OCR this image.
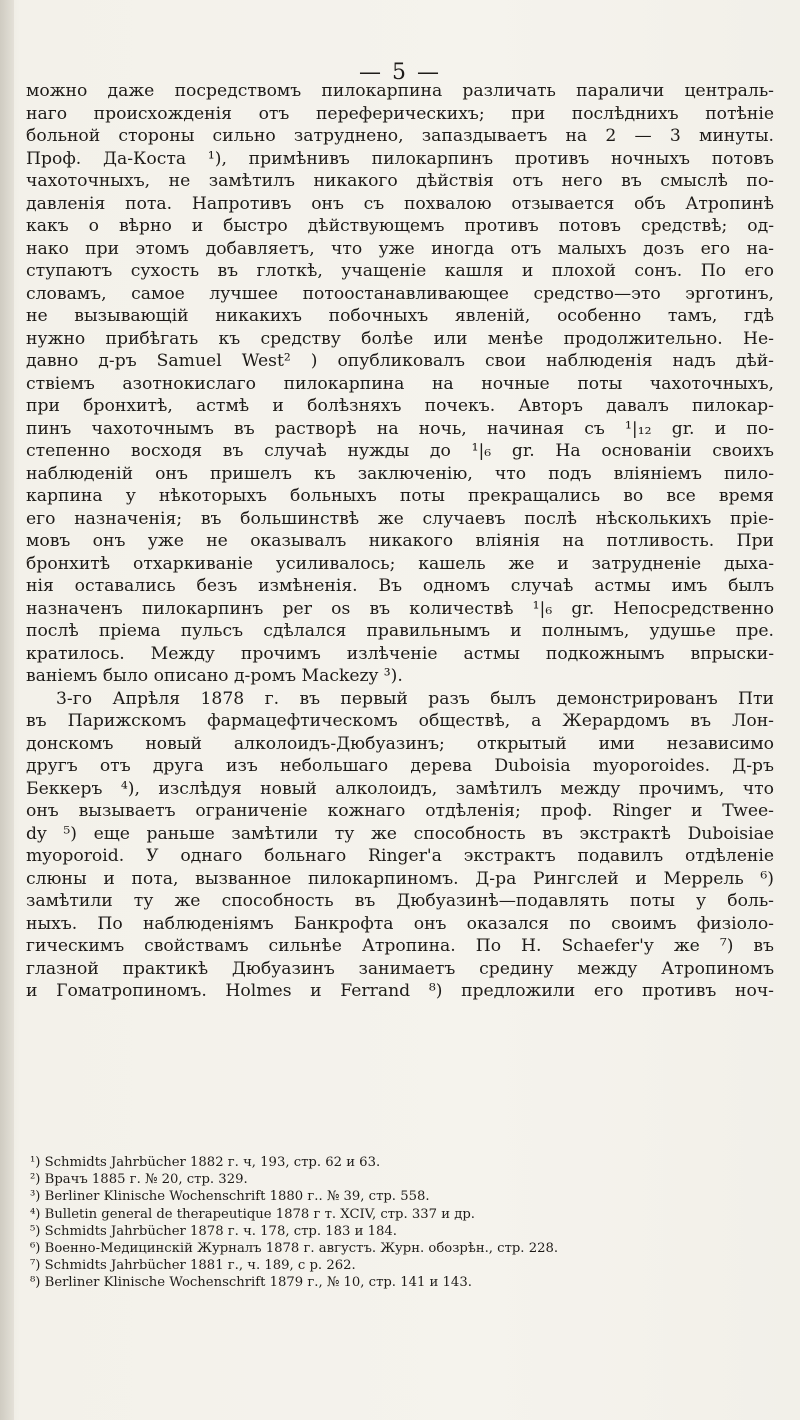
— 5 —
можно даже посредствомъ пилокарпина различать параличи централь-
наго происхожденія отъ переферическихъ; при послѣднихъ потѣніе
больной стороны сильно затруднено, запаздываетъ на 2 — 3 минуты.
Проф. Да-Коста ¹), примѣнивъ пилокарпинъ противъ ночныхъ потовъ
чахоточныхъ, не замѣтилъ никакого дѣйствія отъ него въ смыслѣ по-
давленія пота. Напротивъ онъ съ похвалою отзывается объ Атропинѣ
какъ о вѣрно и быстро дѣйствующемъ противъ потовъ средствѣ; од-
нако при этомъ добавляетъ, что уже иногда отъ малыхъ дозъ его на-
ступаютъ сухость въ глоткѣ, учащеніе кашля и плохой сонъ. По его
словамъ, самое лучшее потоостанавливающее средство—это эрготинъ,
не вызывающій никакихъ побочныхъ явленій, особенно тамъ, гдѣ
нужно прибѣгать къ средству болѣе или менѣе продолжительно. Не-
давно д-ръ Samuel West² ) опубликовалъ свои наблюденія надъ дѣй-
ствіемъ азотнокислаго пилокарпина на ночные поты чахоточныхъ,
при бронхитѣ, астмѣ и болѣзняхъ почекъ. Авторъ давалъ пилокар-
пинъ чахоточнымъ въ растворѣ на ночь, начиная съ ¹|₁₂ gr. и по-
степенно восходя въ случаѣ нужды до ¹|₆ gr. На основаніи своихъ
наблюденій онъ пришелъ къ заключенію, что подъ вліяніемъ пило-
карпина у нѣкоторыхъ больныхъ поты прекращались во все время
его назначенія; въ большинствѣ же случаевъ послѣ нѣсколькихъ пріе-
мовъ онъ уже не оказывалъ никакого вліянія на потливость. При
бронхитѣ отхаркиваніе усиливалось; кашель же и затрудненіе дыха-
нія оставались безъ измѣненія. Въ одномъ случаѣ астмы имъ былъ
назначенъ пилокарпинъ per os въ количествѣ ¹|₆ gr. Непосредственно
послѣ пріема пульсъ сдѣлался правильнымъ и полнымъ, удушье пре.
кратилось. Между прочимъ излѣченіе астмы подкожнымъ впрыски-
ваніемъ было описано д-ромъ Mackezy ³).
3-го Апрѣля 1878 г. въ первый разъ былъ демонстрированъ Пти
въ Парижскомъ фармацефтическомъ обществѣ, а Жерардомъ въ Лон-
донскомъ новый алколоидъ-Дюбуазинъ; открытый ими независимо
другъ отъ друга изъ небольшаго дерева Duboisia myoporoides. Д-ръ
Беккеръ ⁴), изслѣдуя новый алколоидъ, замѣтилъ между прочимъ, что
онъ вызываетъ ограниченіе кожнаго отдѣленія; проф. Ringer и Twee-
dy ⁵) еще раньше замѣтили ту же способность въ экстрактѣ Duboisiae
myoporoid. У однаго больнаго Ringer'а экстрактъ подавилъ отдѣленіе
слюны и пота, вызванное пилокарпиномъ. Д-ра Рингслей и Меррель ⁶)
замѣтили ту же способность въ Дюбуазинѣ—подавлять поты у боль-
ныхъ. По наблюденіямъ Банкрофта онъ оказался по своимъ физіоло-
гическимъ свойствамъ сильнѣе Атропина. По H. Schaefer'у же ⁷) въ
глазной практикѣ Дюбуазинъ занимаетъ средину между Атропиномъ
и Гоматропиномъ. Holmes и Ferrand ⁸) предложили его противъ ноч-
¹) Schmidts Jahrbücher 1882 г. ч, 193, стр. 62 и 63.
²) Врачъ 1885 г. № 20, стр. 329.
³) Berliner Klinische Wochenschrift 1880 г.. № 39, стр. 558.
⁴) Bulletin general de therapeutique 1878 г т. XCIV, стр. 337 и др.
⁵) Schmidts Jahrbücher 1878 г. ч. 178, стр. 183 и 184.
⁶) Военно-Медицинскій Журналъ 1878 г. августъ. Журн. обозрѣн., стр. 228.
⁷) Schmidts Jahrbücher 1881 г., ч. 189, с р. 262.
⁸) Berliner Klinische Wochenschrift 1879 г., № 10, стр. 141 и 143.
